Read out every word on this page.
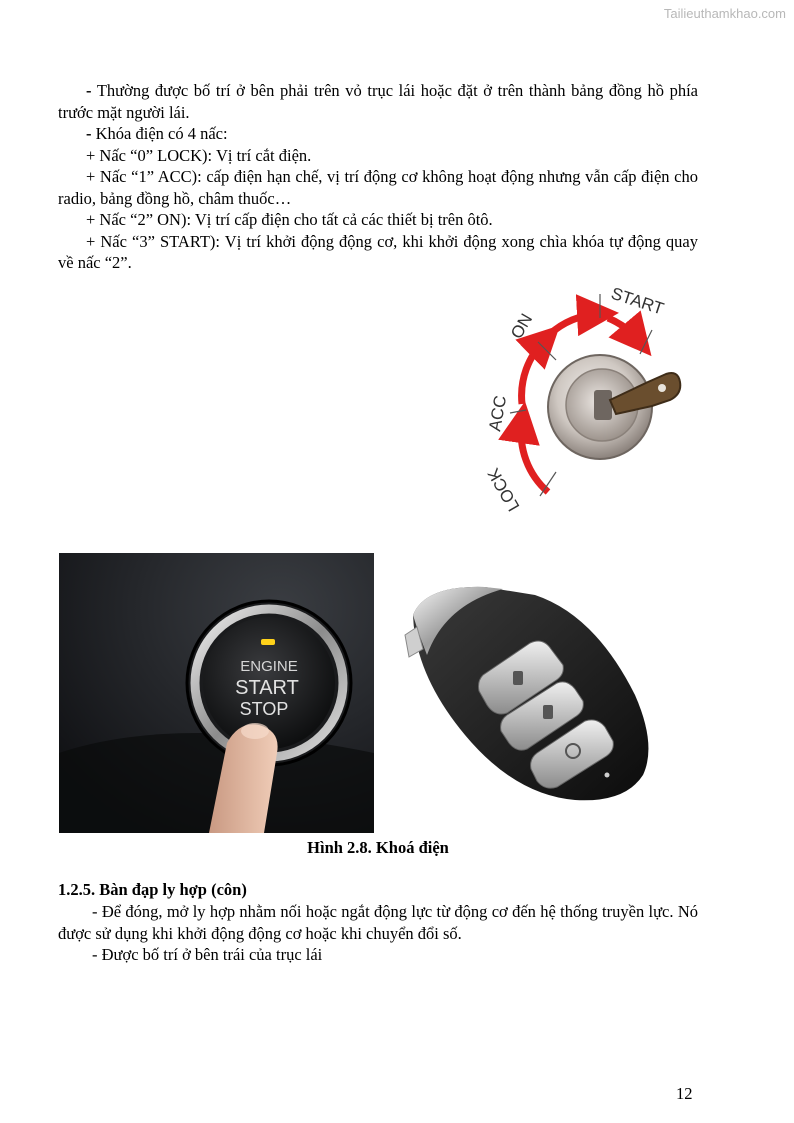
Tailieuthamkhao.com

- Thường được bố trí ở bên phải trên vỏ trục lái hoặc đặt ở trên thành bảng đồng hồ phía trước mặt người lái.

- Khóa điện có 4 nấc:

+ Nấc “0” LOCK): Vị trí cắt điện.

+ Nấc “1” ACC): cấp điện hạn chế, vị trí động cơ không hoạt động nhưng vẫn cấp điện cho radio, bảng đồng hồ, châm thuốc…

+ Nấc “2” ON): Vị trí cấp điện cho tất cả các thiết bị trên ôtô.

+ Nấc “3” START): Vị trí khởi động động cơ, khi khởi động xong chìa khóa tự động quay về nấc “2”.

ON
START
ACC
LOCK
ENGINE
START
STOP
Hình 2.8. Khoá điện
1.2.5. Bàn đạp ly hợp (côn)

- Để đóng, mở ly hợp nhằm nối hoặc ngắt động lực từ động cơ đến hệ thống truyền lực. Nó được sử dụng khi khởi động động cơ hoặc khi chuyển đổi số.

- Được bố trí ở bên trái của trục lái

12
